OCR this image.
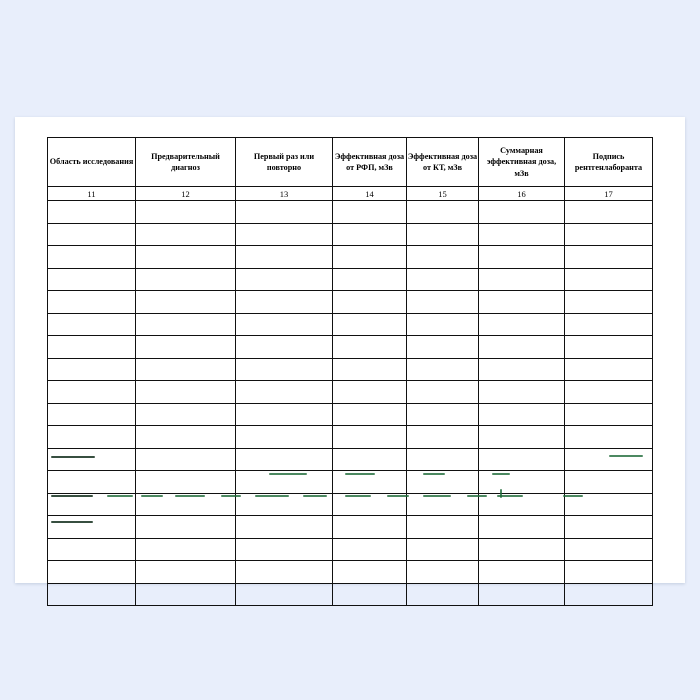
Область исследования	Предварительный диагноз	Первый раз или повторно	Эффективная доза от РФП, мЗв	Эффективная доза от КТ, мЗв	Суммарная эффективная доза, мЗв	Подпись рентгенлаборанта
11	12	13	14	15	16	17
